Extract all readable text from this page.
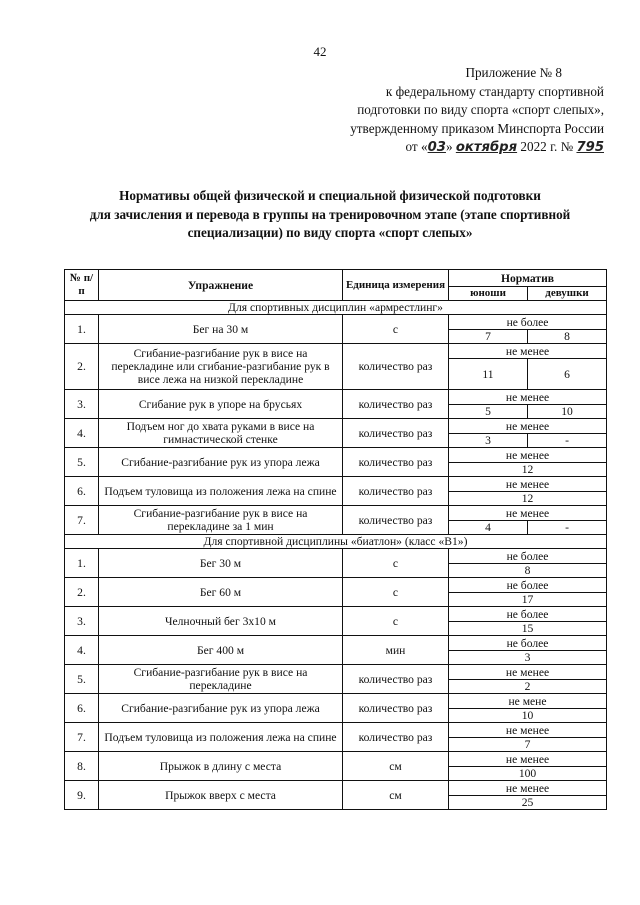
42
Приложение № 8
к федеральному стандарту спортивной
подготовки по виду спорта «спорт слепых»,
утвержденному приказом Минспорта России
от «03» октября 2022 г. № 795
Нормативы общей физической и специальной физической подготовки
для зачисления и перевода в группы на тренировочном этапе (этапе спортивной
специализации) по виду спорта «спорт слепых»
№ п/п	Упражнение	Единица измерения	Норматив	
			юноши	девушки
Для спортивных дисциплин «армрестлинг»				
1.	Бег на 30 м	с	не более	
			7	8
2.	Сгибание-разгибание рук в висе на перекладине или сгибание-разгибание рук в висе лежа на низкой перекладине	количество раз	не менее	
			11	6
3.	Сгибание рук в упоре на брусьях	количество раз	не менее	
			5	10
4.	Подъем ног до хвата руками в висе на гимнастической стенке	количество раз	не менее	
			3	-
5.	Сгибание-разгибание рук из упора лежа	количество раз	не менее	
			12	
6.	Подъем туловища из положения лежа на спине	количество раз	не менее	
			12	
7.	Сгибание-разгибание рук в висе на перекладине за 1 мин	количество раз	не менее	
			4	-
Для спортивной дисциплины «биатлон» (класс «В1»)				
1.	Бег 30 м	с	не более	
			8	
2.	Бег 60 м	с	не более	
			17	
3.	Челночный бег 3х10 м	с	не более	
			15	
4.	Бег 400 м	мин	не более	
			3	
5.	Сгибание-разгибание рук в висе на перекладине	количество раз	не менее	
			2	
6.	Сгибание-разгибание рук из упора лежа	количество раз	не мене	
			10	
7.	Подъем туловища из положения лежа на спине	количество раз	не менее	
			7	
8.	Прыжок в длину с места	см	не менее	
			100	
9.	Прыжок вверх с места	см	не менее	
			25	
